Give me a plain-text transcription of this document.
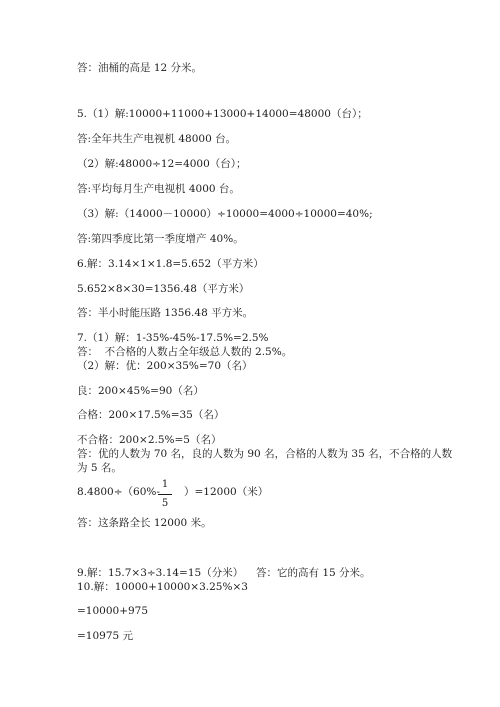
答：油桶的高是 12 分米。
5.（1）解:10000+11000+13000+14000=48000（台）；
答:全年共生产电视机 48000 台。
（2）解:48000÷12=4000（台）；
答:平均每月生产电视机 4000 台。
（3）解:（14000－10000）÷10000=4000÷10000=40%;
答:第四季度比第一季度增产 40%。
6.解：3.14×1×1.8=5.652（平方米）
5.652×8×30=1356.48（平方米）
答：半小时能压路 1356.48 平方米。
7.（1）解：1-35%-45%-17.5%=2.5%
答：  不合格的人数占全年级总人数的 2.5%。
（2）解：优：200×35%=70（名）
良：200×45%=90（名）
合格：200×17.5%=35（名）
不合格：200×2.5%=5（名）
答：优的人数为 70 名，良的人数为 90 名，合格的人数为 35 名，不合格的人数
为 5 名。
8.4800÷（60%-
1
5
）=12000（米）
答：这条路全长 12000 米。
9.解：15.7×3÷3.14=15（分米） 答：它的高有 15 分米。
10.解：10000+10000×3.25%×3
=10000+975
=10975 元
